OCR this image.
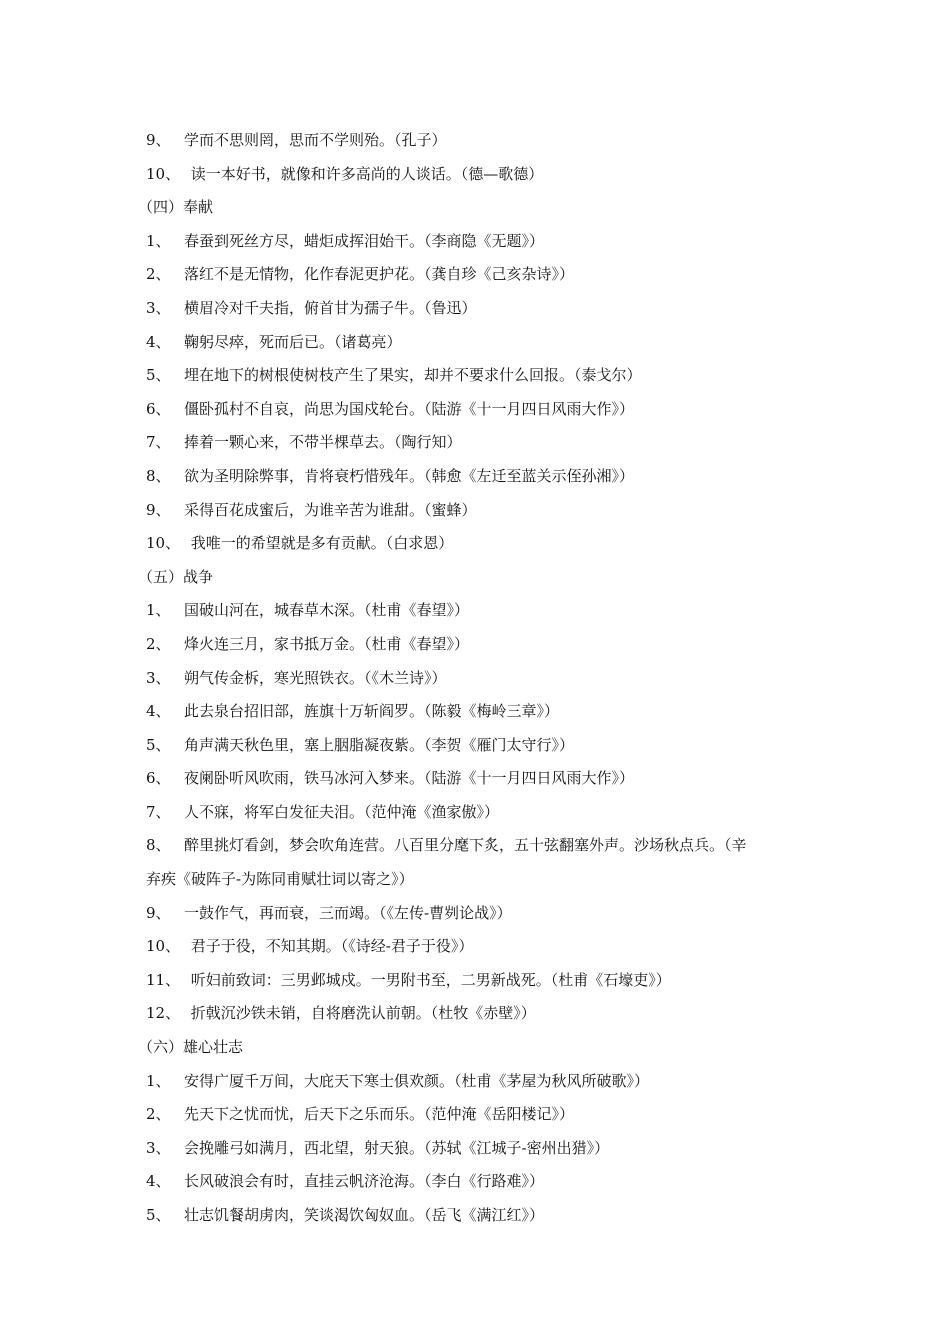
9、 学而不思则罔，思而不学则殆。（孔子）
10、 读一本好书，就像和许多高尚的人谈话。（德—歌德）
（四）奉献
1、 春蚕到死丝方尽，蜡炬成挥泪始干。（李商隐《无题》）
2、 落红不是无情物，化作春泥更护花。（龚自珍《己亥杂诗》）
3、 横眉冷对千夫指，俯首甘为孺子牛。（鲁迅）
4、 鞠躬尽瘁，死而后已。（诸葛亮）
5、 埋在地下的树根使树枝产生了果实，却并不要求什么回报。（泰戈尔）
6、 僵卧孤村不自哀，尚思为国戍轮台。（陆游《十一月四日风雨大作》）
7、 捧着一颗心来，不带半棵草去。（陶行知）
8、 欲为圣明除弊事，肯将衰朽惜残年。（韩愈《左迁至蓝关示侄孙湘》）
9、 采得百花成蜜后，为谁辛苦为谁甜。（蜜蜂）
10、 我唯一的希望就是多有贡献。（白求恩）
（五）战争
1、 国破山河在，城春草木深。（杜甫《春望》）
2、 烽火连三月，家书抵万金。（杜甫《春望》）
3、 朔气传金柝，寒光照铁衣。（《木兰诗》）
4、 此去泉台招旧部，旌旗十万斩阎罗。（陈毅《梅岭三章》）
5、 角声满天秋色里，塞上胭脂凝夜紫。（李贺《雁门太守行》）
6、 夜阑卧听风吹雨，铁马冰河入梦来。（陆游《十一月四日风雨大作》）
7、 人不寐，将军白发征夫泪。（范仲淹《渔家傲》）
8、 醉里挑灯看剑，梦会吹角连营。八百里分麾下炙，五十弦翻塞外声。沙场秋点兵。（辛
弃疾《破阵子-为陈同甫赋壮词以寄之》）
9、 一鼓作气，再而衰，三而竭。（《左传-曹刿论战》）
10、 君子于役，不知其期。（《诗经-君子于役》）
11、 听妇前致词：三男邺城戍。一男附书至，二男新战死。（杜甫《石壕吏》）
12、 折戟沉沙铁未销，自将磨洗认前朝。（杜牧《赤壁》）
（六）雄心壮志
1、 安得广厦千万间，大庇天下寒士俱欢颜。（杜甫《茅屋为秋风所破歌》）
2、 先天下之忧而忧，后天下之乐而乐。（范仲淹《岳阳楼记》）
3、 会挽雕弓如满月，西北望，射天狼。（苏轼《江城子-密州出猎》）
4、 长风破浪会有时，直挂云帆济沧海。（李白《行路难》）
5、 壮志饥餐胡虏肉，笑谈渴饮匈奴血。（岳飞《满江红》）
